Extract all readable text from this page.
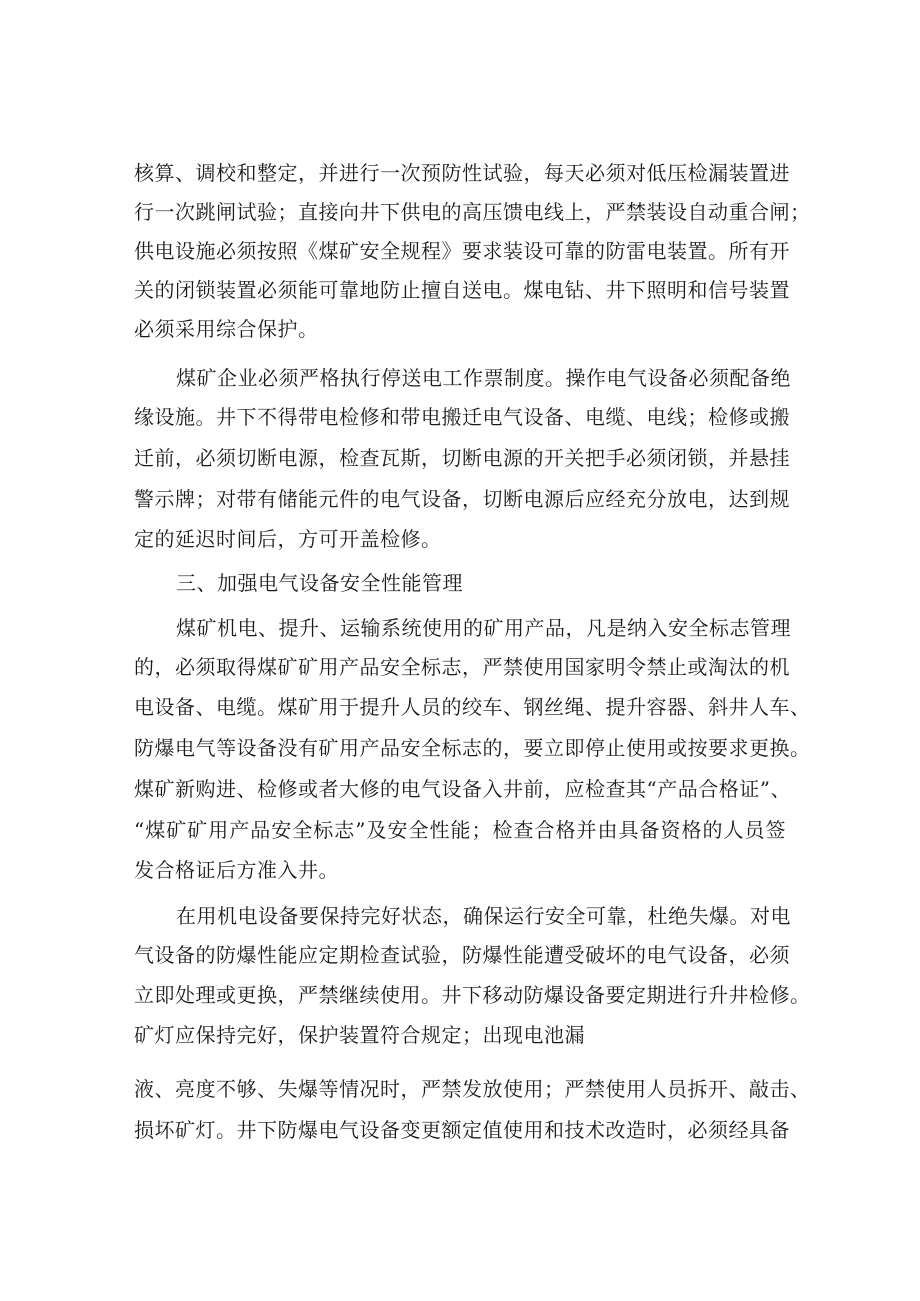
核算、调校和整定，并进行一次预防性试验，每天必须对低压检漏装置进
行一次跳闸试验；直接向井下供电的高压馈电线上，严禁装设自动重合闸；
供电设施必须按照《煤矿安全规程》要求装设可靠的防雷电装置。所有开
关的闭锁装置必须能可靠地防止擅自送电。煤电钻、井下照明和信号装置
必须采用综合保护。
煤矿企业必须严格执行停送电工作票制度。操作电气设备必须配备绝
缘设施。井下不得带电检修和带电搬迁电气设备、电缆、电线；检修或搬
迁前，必须切断电源，检查瓦斯，切断电源的开关把手必须闭锁，并悬挂
警示牌；对带有储能元件的电气设备，切断电源后应经充分放电，达到规
定的延迟时间后，方可开盖检修。
三、加强电气设备安全性能管理
煤矿机电、提升、运输系统使用的矿用产品，凡是纳入安全标志管理
的，必须取得煤矿矿用产品安全标志，严禁使用国家明令禁止或淘汰的机
电设备、电缆。煤矿用于提升人员的绞车、钢丝绳、提升容器、斜井人车、
防爆电气等设备没有矿用产品安全标志的，要立即停止使用或按要求更换。
煤矿新购进、检修或者大修的电气设备入井前，应检查其“产品合格证”、
“煤矿矿用产品安全标志”及安全性能；检查合格并由具备资格的人员签
发合格证后方准入井。
在用机电设备要保持完好状态，确保运行安全可靠，杜绝失爆。对电
气设备的防爆性能应定期检查试验，防爆性能遭受破坏的电气设备，必须
立即处理或更换，严禁继续使用。井下移动防爆设备要定期进行升井检修。
矿灯应保持完好，保护装置符合规定；出现电池漏
液、亮度不够、失爆等情况时，严禁发放使用；严禁使用人员拆开、敲击、
损坏矿灯。井下防爆电气设备变更额定值使用和技术改造时，必须经具备
